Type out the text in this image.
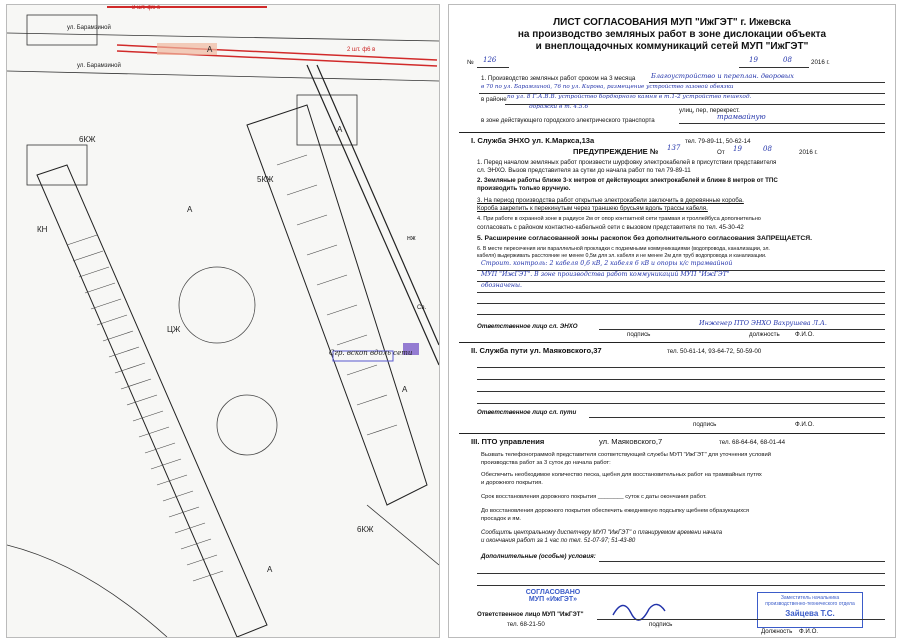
2 шт. ф6 в
2 шт. ф6 в
ул. Барамзиной
ул. Барамзиной
А
6КЖ
А
КН
А
5КЖ
А
ЦЖ
6КЖ
А
Св.
нж
Сгр. вскоп вдоль сети
ЛИСТ СОГЛАСОВАНИЯ МУП "ИжГЭТ" г. Ижевска
на производство земляных работ в зоне дислокации объекта
и внеплощадочных коммуникаций сетей МУП "ИжГЭТ"
№ 126	19	08	2016 г.
1. Производство земляных работ сроком на 3 месяца Благоустройство и переплан. дворовых
в 70 по ул. Барамзиной, 76 по ул. Кирова, размещение устройство газовой обвязки
в районе по ул. 8 Г.А.В.В. устройство бордюрного камня в т.1-2 устройство пешеход.
дорожки в т. 4.5.6	улиц, пер, перекрест.
в зоне действующего городского электрического транспорта	трамвайную
I. Служба ЭНХО ул. К.Маркса,13а	тел. 79-89-11, 50-62-14
ПРЕДУПРЕЖДЕНИЕ № 137
От 19	08	2016 г.
1. Перед началом земляных работ произвести шурфовку электрокабелей в присутствии представителя
сл. ЭНХО. Вызов представителя за сутки до начала работ по тел 79-89-11
2. Земляные работы ближе 3-х метров от действующих электрокабелей и ближе 8 метров от ТПС
производить только вручную.
3. На период производства работ открытые электрокабели заключить в деревянные короба.
Короба закрепить к перекинутым через траншею брусьям вдоль трассы кабеля.
4. При работе в охранной зоне в радиусе 2м от опор контактной сети трамвая и троллейбуса дополнительно
согласовать с районом контактно-кабельной сети с вызовом представителя по тел. 45-30-42
5. Расширение согласованной зоны раскопок без дополнительного согласования ЗАПРЕЩАЕТСЯ.
6. В месте пересечения или параллельной прокладки с подземными коммуникациями (водопровода, канализации, эл.
кабеля) выдерживать расстояние не менее 0,5м для эл. кабеля и не менее 2м для труб водопровода и канализации.
Строит. контроль: 2 кабеля 0,6 кВ, 2 кабеля 6 кВ и опоры к/с трамвайной
МУП "ИжГЭТ". В зоне производства работ коммуникаций МУП "ИжГЭТ"
обозначены.
Ответственное лицо сл. ЭНХО	Инженер ПТО ЭНХО Вахрушева Л.А.
подпись	должность Ф.И.О.
II. Служба пути ул. Маяковского,37	тел. 50-61-14, 93-64-72, 50-59-00
Ответственное лицо сл. пути
подпись	Ф.И.О.
III. ПТО управления	ул. Маяковского,7	тел. 68-64-64, 68-01-44
Вызвать телефонограммой представителя соответствующей службы МУП "ИжГЭТ" для уточнения условий
производства работ за 3 суток до начала работ:
Обеспечить необходимое количество песка, щебня для восстановительных работ на трамвайных путях
и дорожного покрытия.
Срок восстановления дорожного покрытия ________ суток с даты окончания работ.
До восстановления дорожного покрытия обеспечить ежедневную подсыпку щебнем образующихся
просадок и ям.
Сообщить центральному диспетчеру МУП "ИжГЭТ" о планируемом времени начала
и окончания работ за 1 час по тел. 51-07-97; 51-43-80
Дополнительные (особые) условия:
СОГЛАСОВАНО
МУП «ИжГЭТ»	Заместитель начальника
производственно-технического отдела
Зайцева Т.С.
Ответственное лицо МУП "ИжГЭТ"
тел. 68-21-50	подпись
Должность Ф.И.О.
